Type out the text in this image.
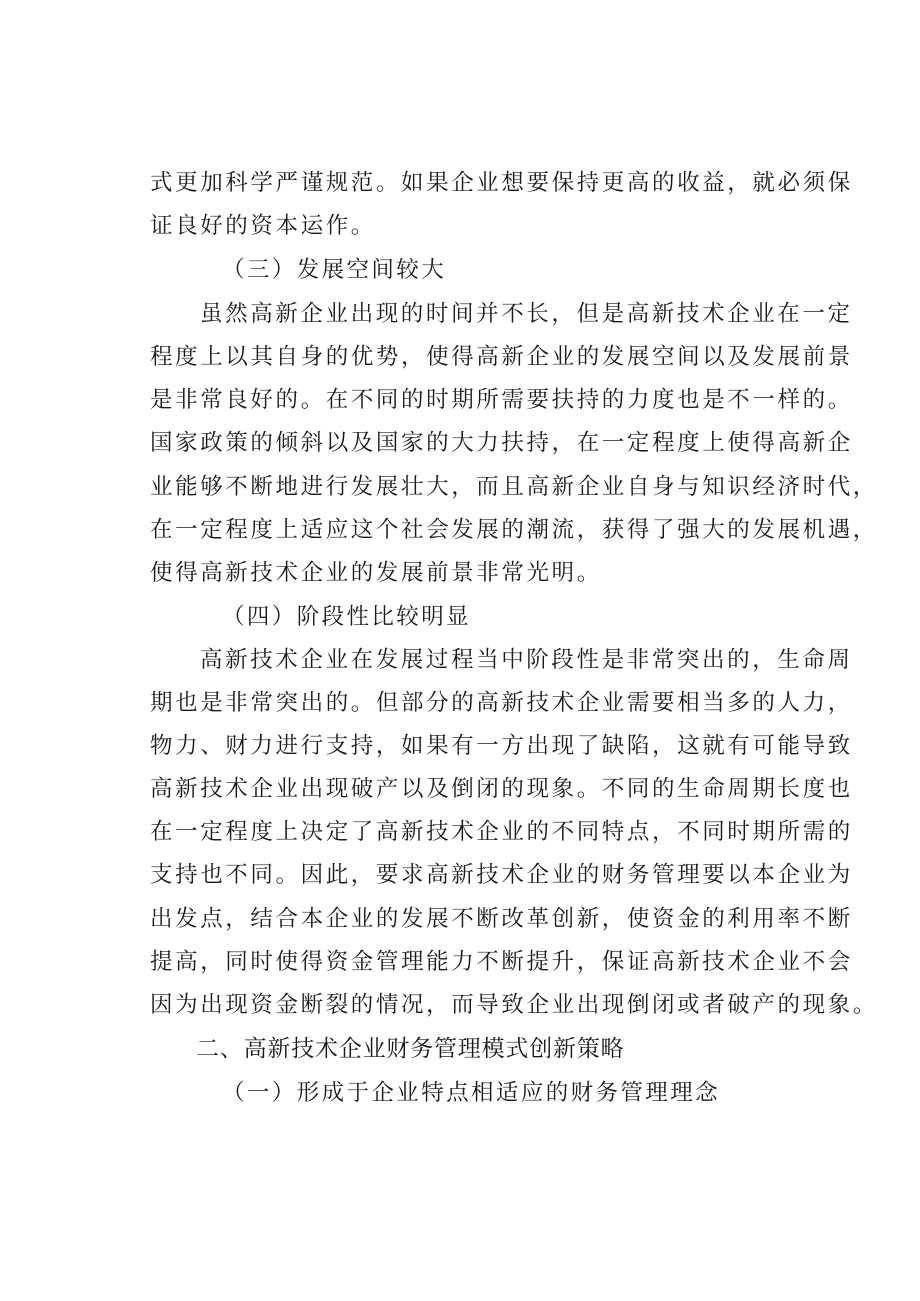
式更加科学严谨规范。如果企业想要保持更高的收益，就必须保
证良好的资本运作。
（三）发展空间较大
虽然高新企业出现的时间并不长，但是高新技术企业在一定
程度上以其自身的优势，使得高新企业的发展空间以及发展前景
是非常良好的。在不同的时期所需要扶持的力度也是不一样的。
国家政策的倾斜以及国家的大力扶持，在一定程度上使得高新企
业能够不断地进行发展壮大，而且高新企业自身与知识经济时代，
在一定程度上适应这个社会发展的潮流，获得了强大的发展机遇，
使得高新技术企业的发展前景非常光明。
（四）阶段性比较明显
高新技术企业在发展过程当中阶段性是非常突出的，生命周
期也是非常突出的。但部分的高新技术企业需要相当多的人力，
物力、财力进行支持，如果有一方出现了缺陷，这就有可能导致
高新技术企业出现破产以及倒闭的现象。不同的生命周期长度也
在一定程度上决定了高新技术企业的不同特点，不同时期所需的
支持也不同。因此，要求高新技术企业的财务管理要以本企业为
出发点，结合本企业的发展不断改革创新，使资金的利用率不断
提高，同时使得资金管理能力不断提升，保证高新技术企业不会
因为出现资金断裂的情况，而导致企业出现倒闭或者破产的现象。
二、高新技术企业财务管理模式创新策略
（一）形成于企业特点相适应的财务管理理念
